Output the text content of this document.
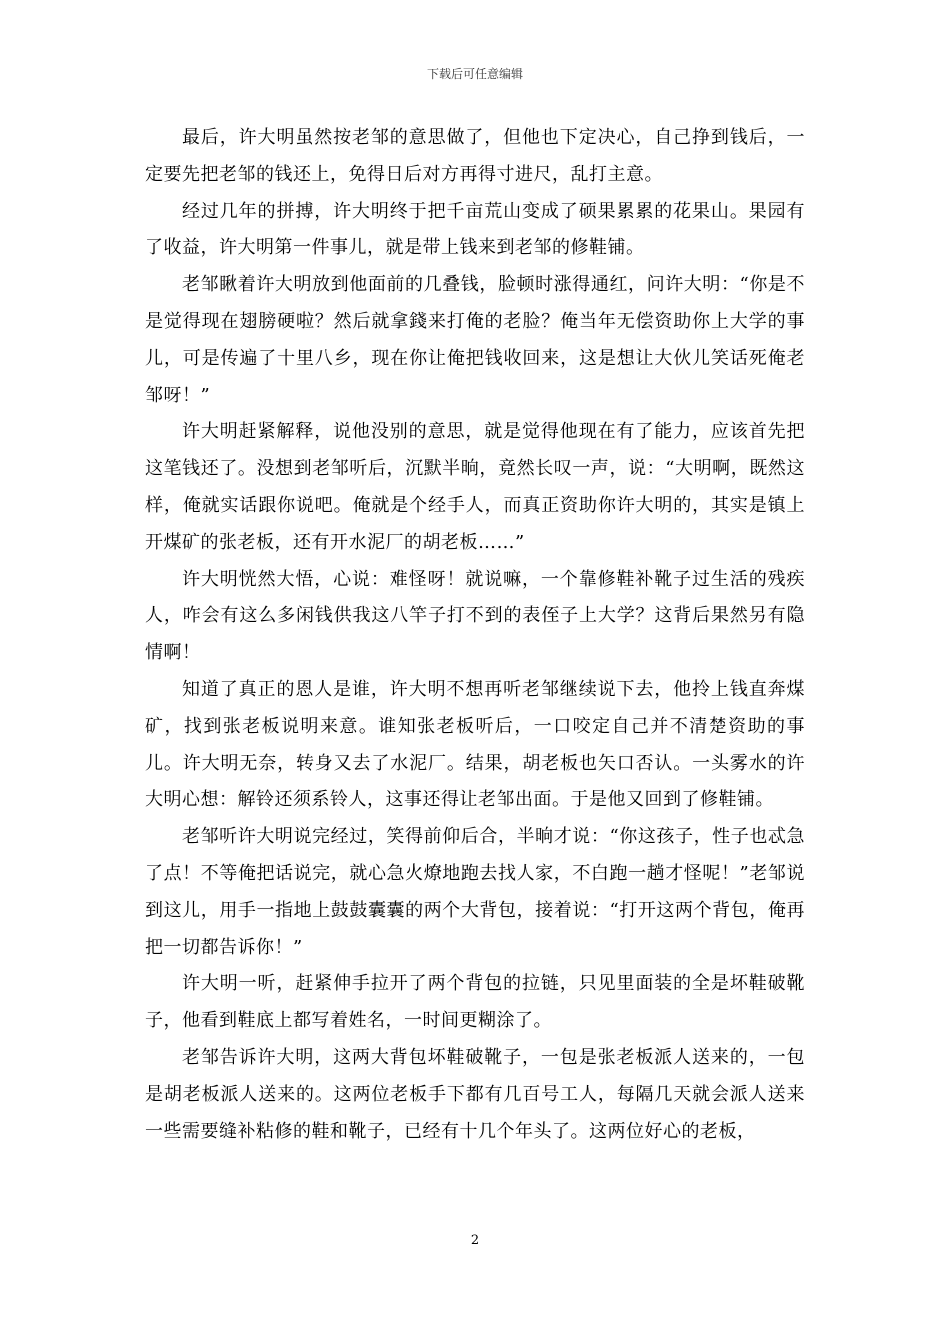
下载后可任意编辑

最后，许大明虽然按老邹的意思做了，但他也下定决心，自己挣到钱后，一定要先把老邹的钱还上，免得日后对方再得寸进尺，乱打主意。

经过几年的拼搏，许大明终于把千亩荒山变成了硕果累累的花果山。果园有了收益，许大明第一件事儿，就是带上钱来到老邹的修鞋铺。

老邹瞅着许大明放到他面前的几叠钱，脸顿时涨得通红，问许大明：“你是不是觉得现在翅膀硬啦？然后就拿錢来打俺的老脸？俺当年无偿资助你上大学的事儿，可是传遍了十里八乡，现在你让俺把钱收回来，这是想让大伙儿笑话死俺老邹呀！”

许大明赶紧解释，说他没别的意思，就是觉得他现在有了能力，应该首先把这笔钱还了。没想到老邹听后，沉默半晌，竟然长叹一声，说：“大明啊，既然这样，俺就实话跟你说吧。俺就是个经手人，而真正资助你许大明的，其实是镇上开煤矿的张老板，还有开水泥厂的胡老板……”

许大明恍然大悟，心说：难怪呀！就说嘛，一个靠修鞋补靴子过生活的残疾人，咋会有这么多闲钱供我这八竿子打不到的表侄子上大学？这背后果然另有隐情啊！

知道了真正的恩人是谁，许大明不想再听老邹继续说下去，他拎上钱直奔煤矿，找到张老板说明来意。谁知张老板听后，一口咬定自己并不清楚资助的事儿。许大明无奈，转身又去了水泥厂。结果，胡老板也矢口否认。一头雾水的许大明心想：解铃还须系铃人，这事还得让老邹出面。于是他又回到了修鞋铺。

老邹听许大明说完经过，笑得前仰后合，半晌才说：“你这孩子，性子也忒急了点！不等俺把话说完，就心急火燎地跑去找人家，不白跑一趟才怪呢！”老邹说到这儿，用手一指地上鼓鼓囊囊的两个大背包，接着说：“打开这两个背包，俺再把一切都告诉你！”

许大明一听，赶紧伸手拉开了两个背包的拉链，只见里面装的全是坏鞋破靴子，他看到鞋底上都写着姓名，一时间更糊涂了。

老邹告诉许大明，这两大背包坏鞋破靴子，一包是张老板派人送来的，一包是胡老板派人送来的。这两位老板手下都有几百号工人，每隔几天就会派人送来一些需要缝补粘修的鞋和靴子，已经有十几个年头了。这两位好心的老板，

2
